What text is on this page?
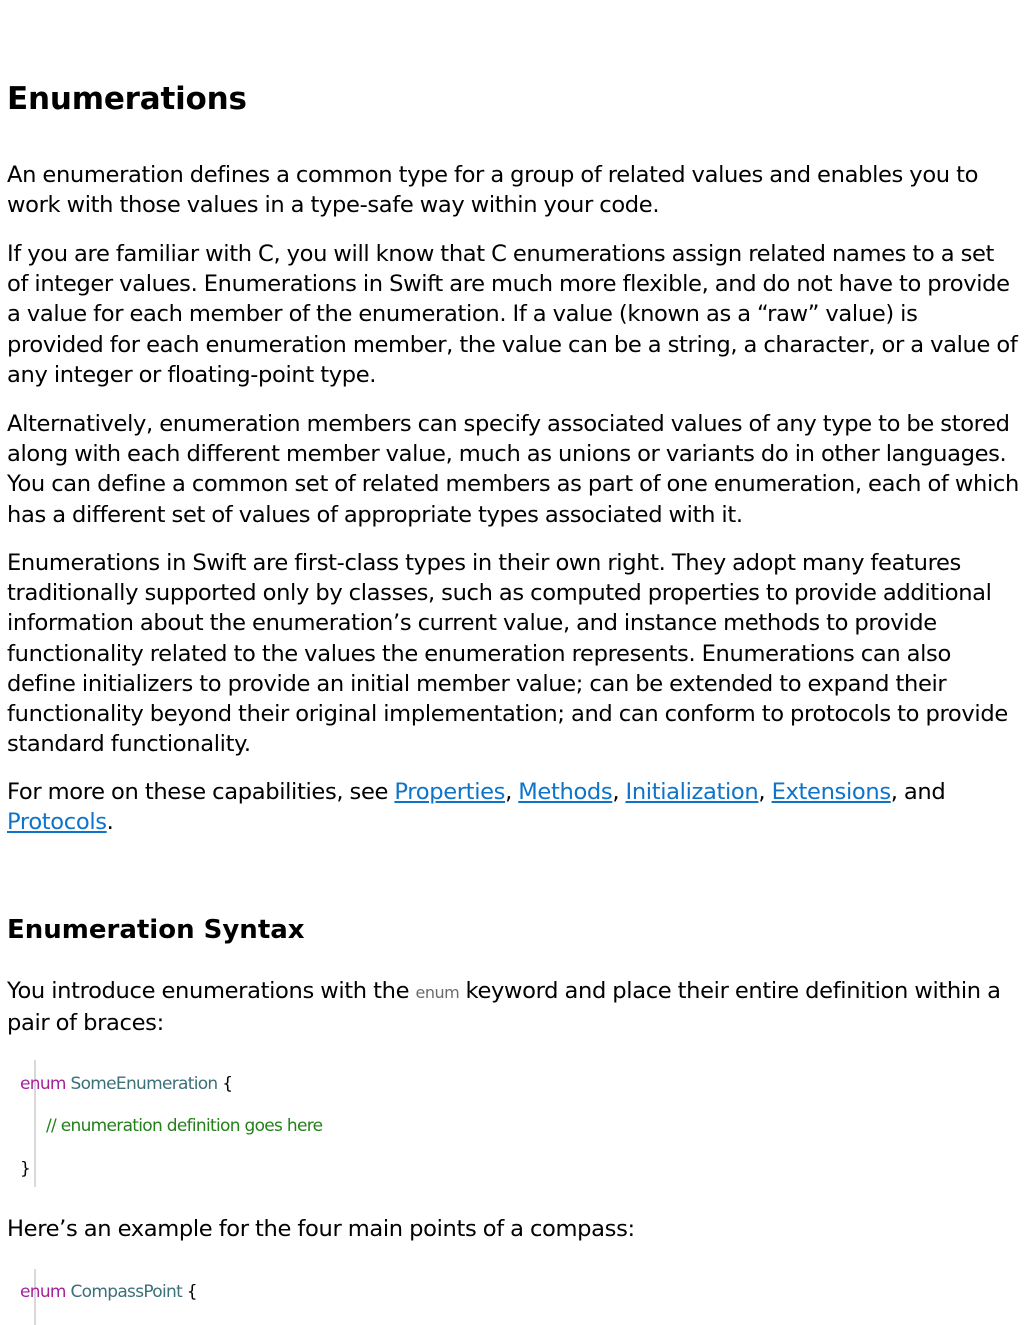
Enumerations

An enumeration defines a common type for a group of related values and enables you to work with those values in a type-safe way within your code.

If you are familiar with C, you will know that C enumerations assign related names to a set of integer values. Enumerations in Swift are much more flexible, and do not have to provide a value for each member of the enumeration. If a value (known as a “raw” value) is provided for each enumeration member, the value can be a string, a character, or a value of any integer or floating-point type.

Alternatively, enumeration members can specify associated values of any type to be stored along with each different member value, much as unions or variants do in other languages. You can define a common set of related members as part of one enumeration, each of which has a different set of values of appropriate types associated with it.

Enumerations in Swift are first-class types in their own right. They adopt many features traditionally supported only by classes, such as computed properties to provide additional information about the enumeration’s current value, and instance methods to provide functionality related to the values the enumeration represents. Enumerations can also define initializers to provide an initial member value; can be extended to expand their functionality beyond their original implementation; and can conform to protocols to provide standard functionality.

For more on these capabilities, see Properties, Methods, Initialization, Extensions, and Protocols.

Enumeration Syntax

You introduce enumerations with the enum keyword and place their entire definition within a pair of braces:

enum SomeEnumeration {
// enumeration definition goes here
}

Here’s an example for the four main points of a compass:

enum CompassPoint {
